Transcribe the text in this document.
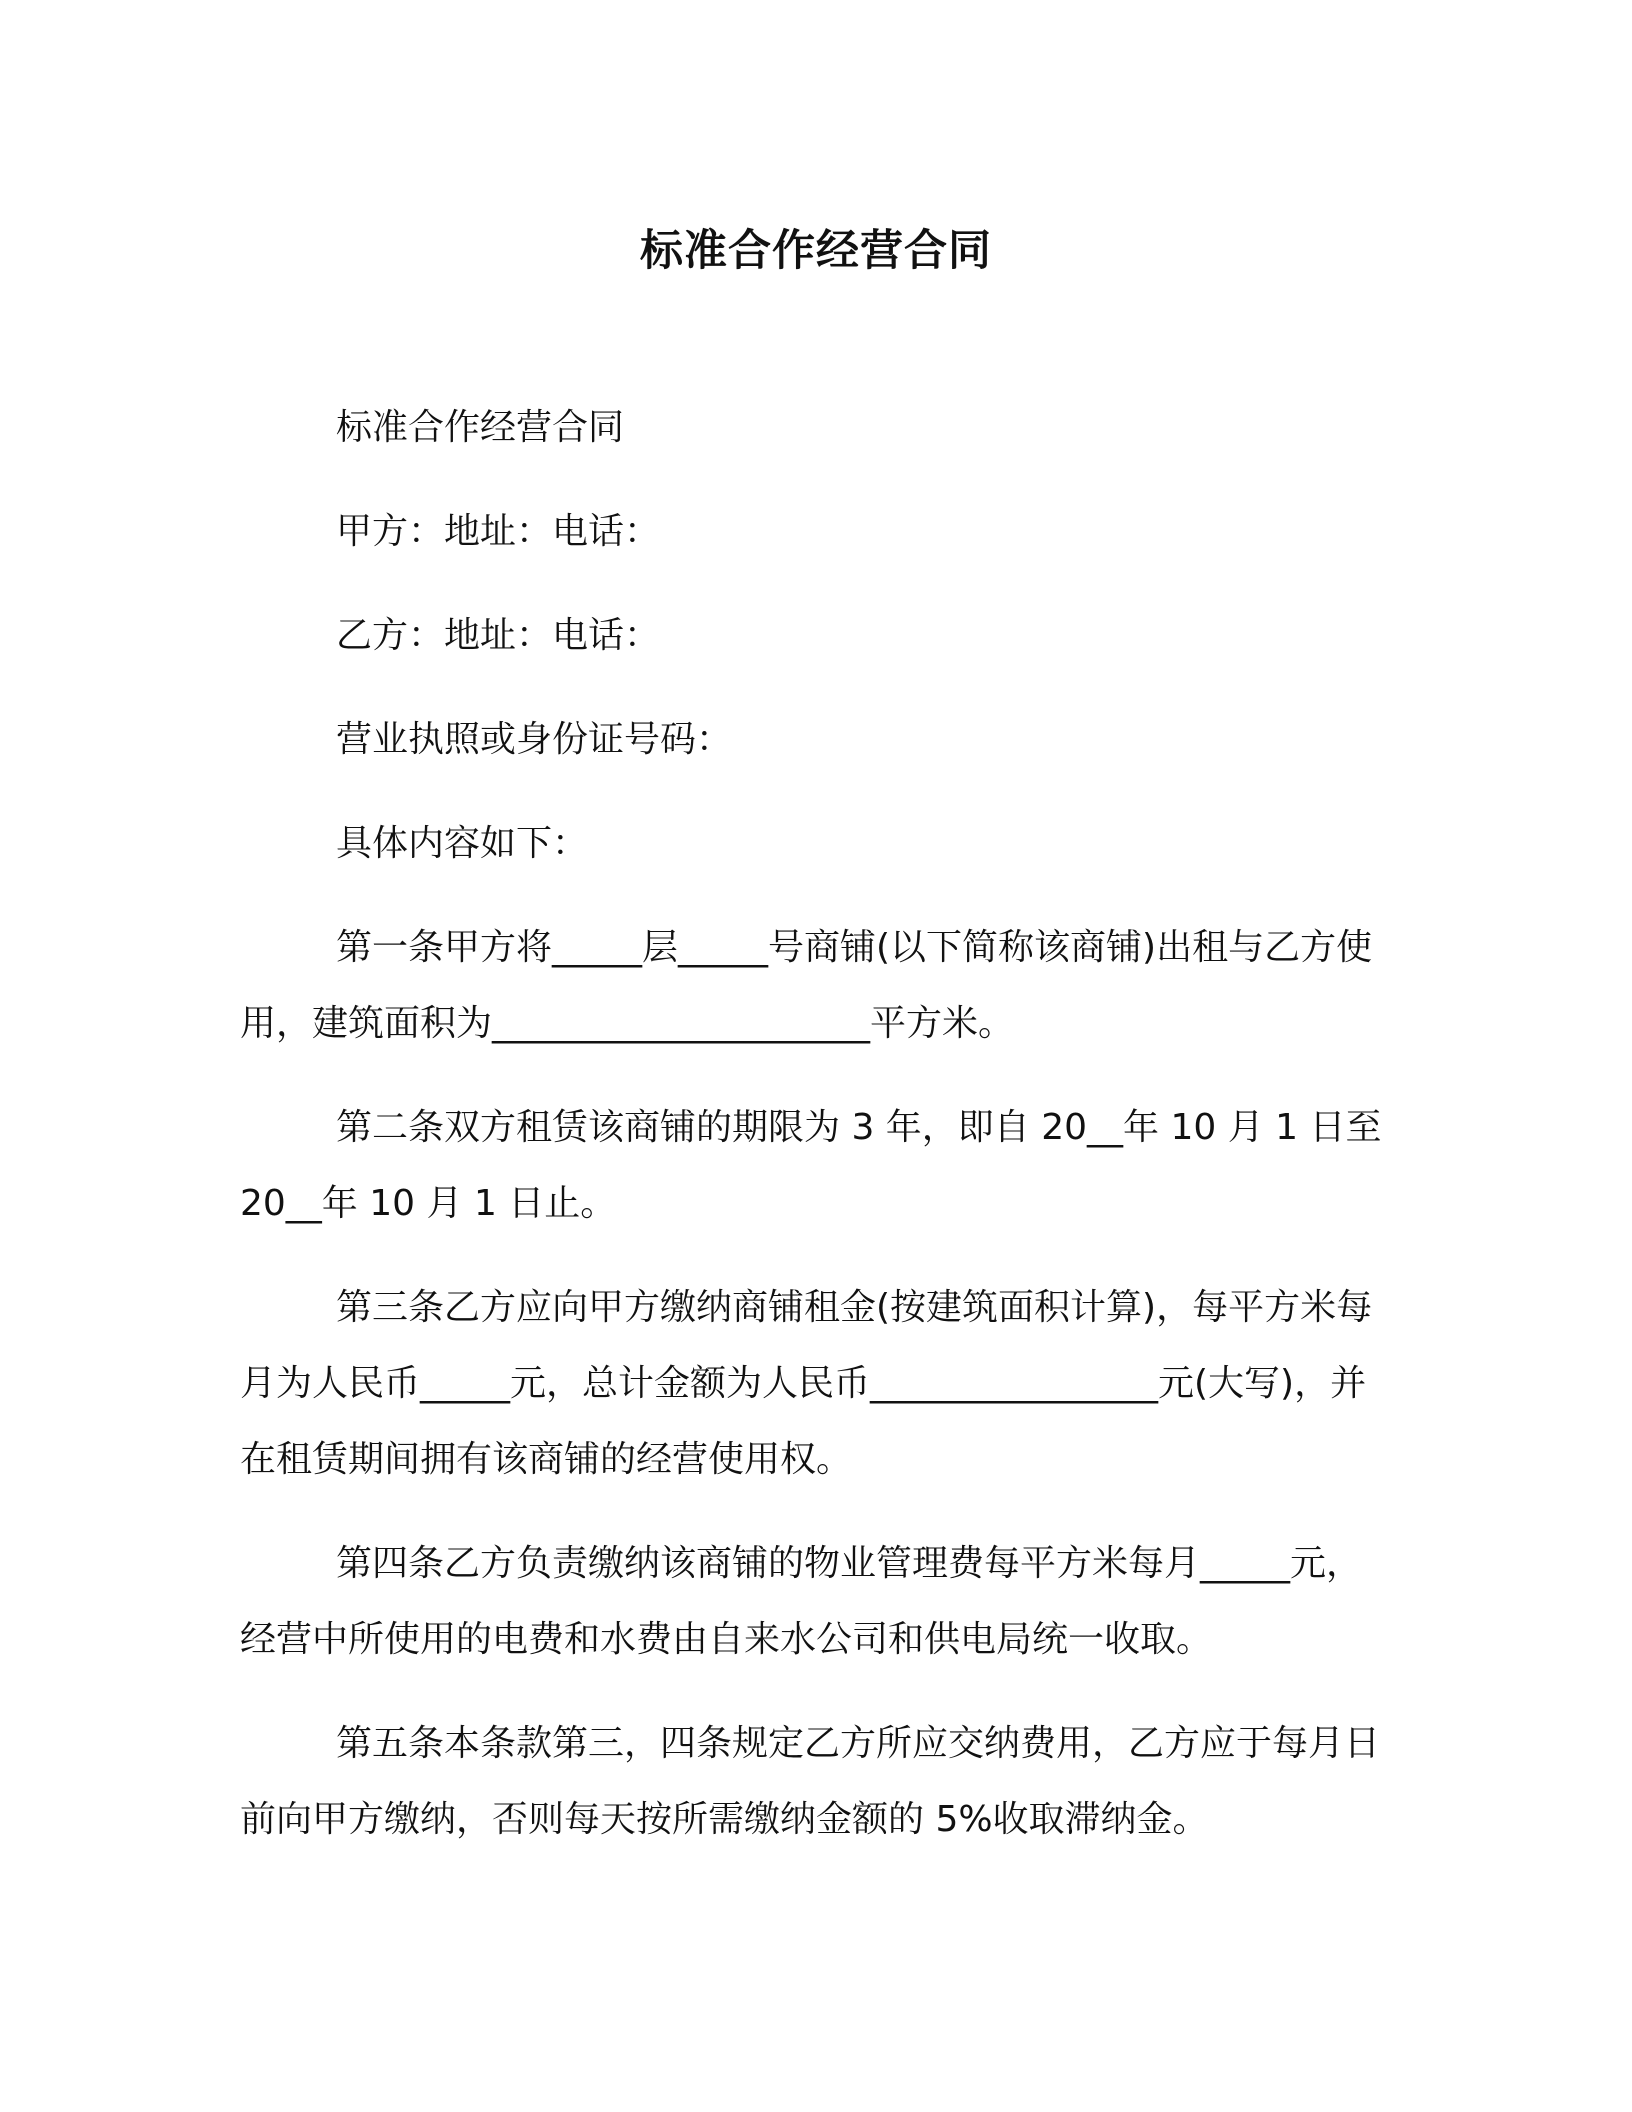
标准合作经营合同

标准合作经营合同

甲方：地址：电话：

乙方：地址：电话：

营业执照或身份证号码：

具体内容如下：

第一条甲方将_____层_____号商铺(以下简称该商铺)出租与乙方使用，建筑面积为_____________________平方米。

第二条双方租赁该商铺的期限为 3 年，即自 20__年 10 月 1 日至 20__年 10 月 1 日止。

第三条乙方应向甲方缴纳商铺租金(按建筑面积计算)，每平方米每月为人民币_____元，总计金额为人民币________________元(大写)，并在租赁期间拥有该商铺的经营使用权。

第四条乙方负责缴纳该商铺的物业管理费每平方米每月_____元，经营中所使用的电费和水费由自来水公司和供电局统一收取。

第五条本条款第三，四条规定乙方所应交纳费用，乙方应于每月日前向甲方缴纳，否则每天按所需缴纳金额的 5%收取滞纳金。
